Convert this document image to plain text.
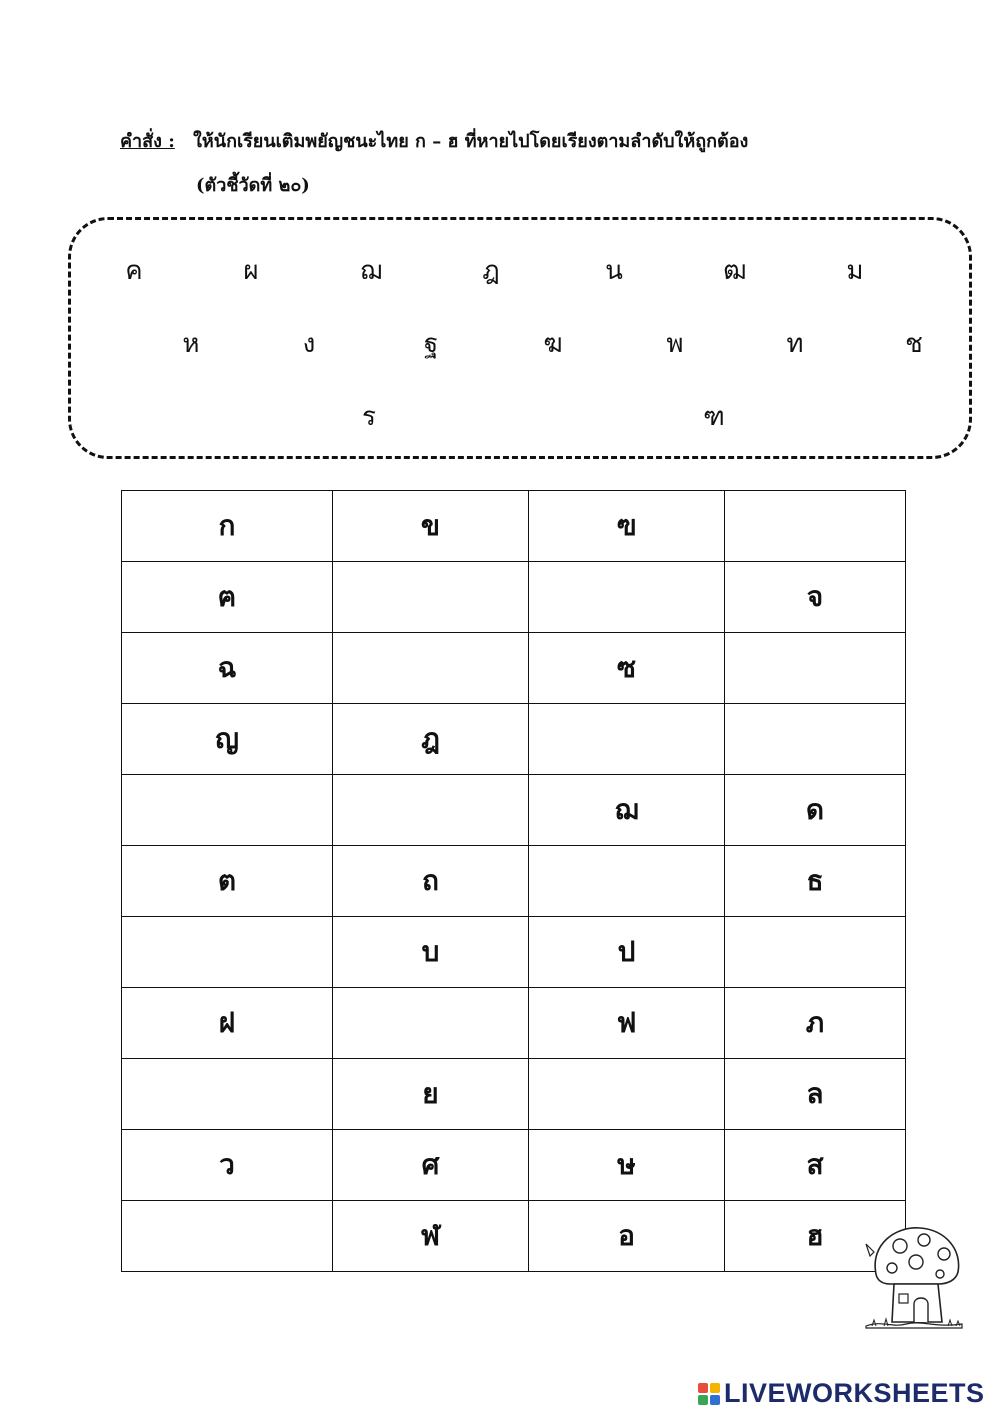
คำสั่ง : ให้นักเรียนเติมพยัญชนะไทย ก – ฮ ที่หายไปโดยเรียงตามลำดับให้ถูกต้อง
(ตัวชี้วัดที่ ๒๐)
ค	ผ	ฌ	ฎ	น	ฒ	ม
ห	ง	ฐ	ฆ	พ	ท	ช
ร	ฑ
ก	ข	ฃ	
ฅ			จ
ฉ		ซ	
ญ	ฎ		
		ฌ	ด
ต	ถ		ธ
	บ	ป	
ฝ		ฟ	ภ
	ย		ล
ว	ศ	ษ	ส
	ฬ	อ	ฮ
LIVEWORKSHEETS
